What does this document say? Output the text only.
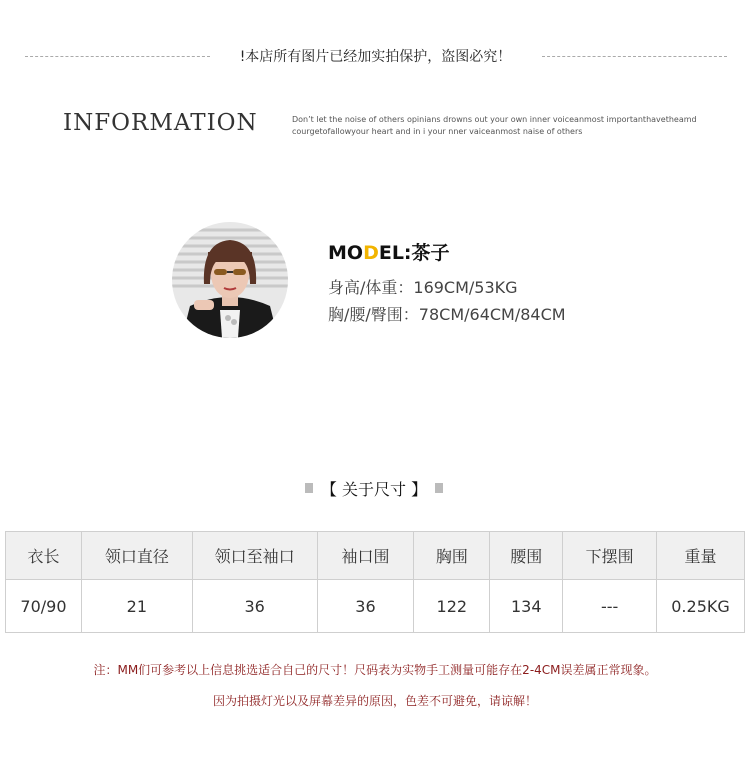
!本店所有图片已经加实拍保护，盗图必究！
INFORMATION	Don’t let the noise of others opinians drowns out your own inner voiceanmost importanthavetheamd
courgetofallowyour heart and in i your nner vaiceanmost naise of others
MODEL:茶子
身高/体重：169CM/53KG
胸/腰/臀围：78CM/64CM/84CM
【 关于尺寸 】
衣长	领口直径	领口至袖口	袖口围	胸围	腰围	下摆围	重量
70/90	21	36	36	122	134	---	0.25KG
注：MM们可参考以上信息挑选适合自己的尺寸！尺码表为实物手工测量可能存在2-4CM误差属正常现象。
因为拍摄灯光以及屏幕差异的原因，色差不可避免，请谅解！
